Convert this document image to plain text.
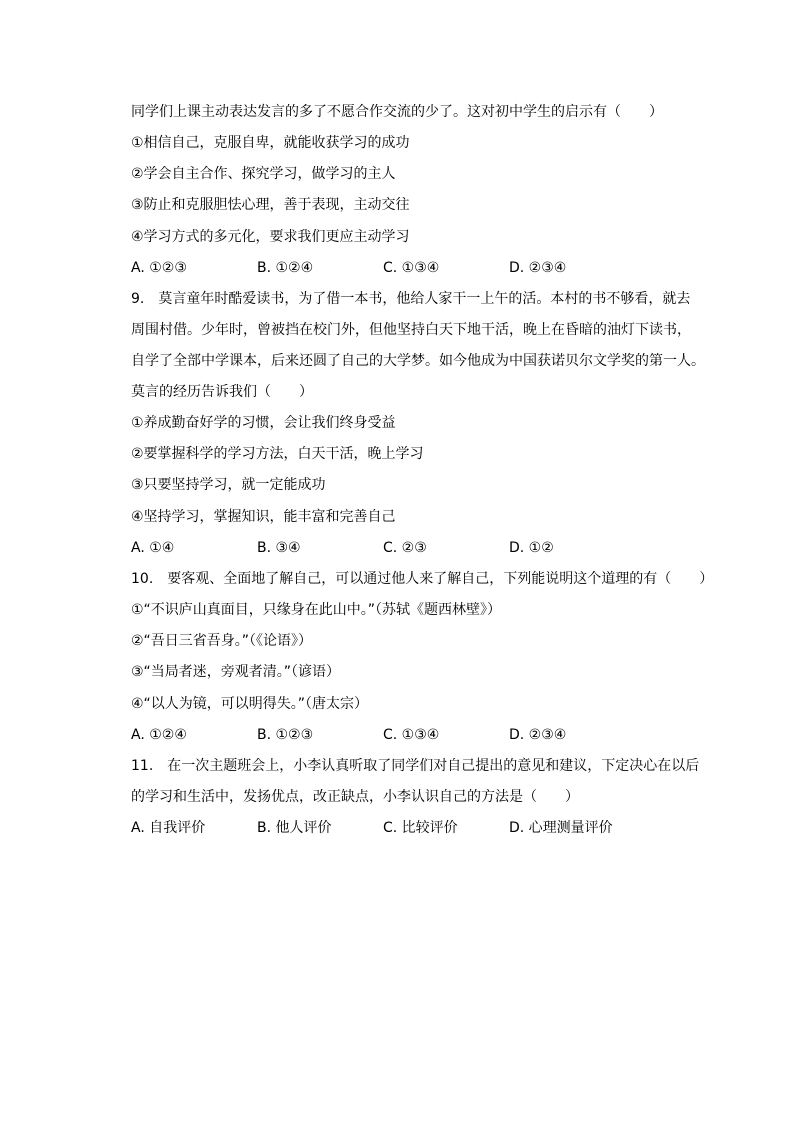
同学们上课主动表达发言的多了不愿合作交流的少了。这对初中学生的启示有（　　）
①相信自己，克服自卑，就能收获学习的成功
②学会自主合作、探究学习，做学习的主人
③防止和克服胆怯心理，善于表现，主动交往
④学习方式的多元化，要求我们更应主动学习
A. ①②③	B. ①②④	C. ①③④	D. ②③④
9.　莫言童年时酷爱读书，为了借一本书，他给人家干一上午的活。本村的书不够看，就去
周围村借。少年时，曾被挡在校门外，但他坚持白天下地干活，晚上在昏暗的油灯下读书，
自学了全部中学课本，后来还圆了自己的大学梦。如今他成为中国获诺贝尔文学奖的第一人。
莫言的经历告诉我们（　　）
①养成勤奋好学的习惯，会让我们终身受益
②要掌握科学的学习方法，白天干活，晚上学习
③只要坚持学习，就一定能成功
④坚持学习，掌握知识，能丰富和完善自己
A. ①④	B. ③④	C. ②③	D. ①②
10.　要客观、全面地了解自己，可以通过他人来了解自己，下列能说明这个道理的有（　　）
①“不识庐山真面目，只缘身在此山中。”（苏轼《题西林壁》）
②“吾日三省吾身。”（《论语》）
③“当局者迷，旁观者清。”（谚语）
④“以人为镜，可以明得失。”（唐太宗）
A. ①②④	B. ①②③	C. ①③④	D. ②③④
11.　在一次主题班会上，小李认真听取了同学们对自己提出的意见和建议，下定决心在以后
的学习和生活中，发扬优点，改正缺点，小李认识自己的方法是（　　）
A. 自我评价	B. 他人评价	C. 比较评价	D. 心理测量评价
